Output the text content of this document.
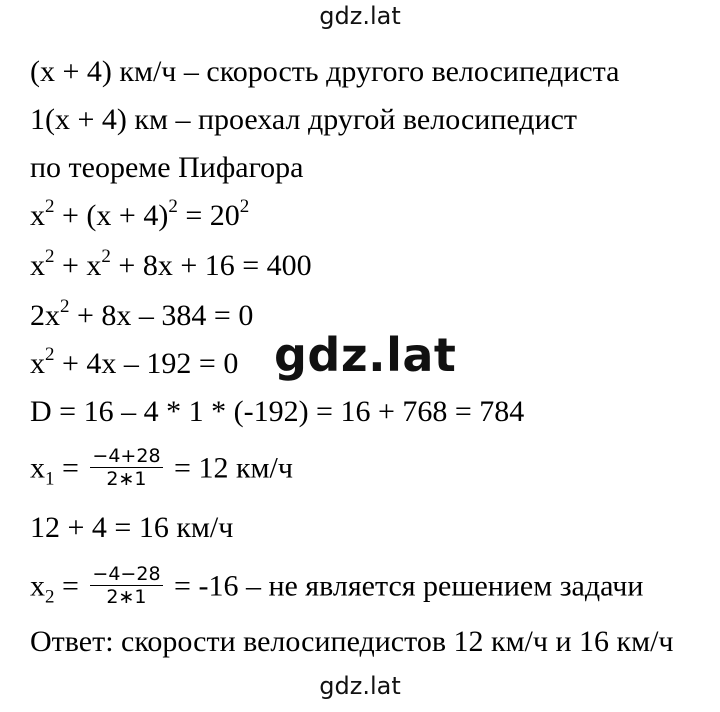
gdz.lat
(x + 4) км/ч – скорость другого велосипедиста
1(x + 4) км – проехал другой велосипедист
по теореме Пифагора
$x^2 + (x + 4)^2 = 20^2$
$x^2 + x^2 + 8x + 16 = 400$
$2x^2 + 8x - 384 = 0$
$x^2 + 4x - 192 = 0$ gdz.lat
D = 16 – 4 * 1 * (-192) = 16 + 768 = 784
$x_1 = \frac{-4+28}{2∗1} = 12$ км/ч
12 + 4 = 16 км/ч
$x_2 = \frac{-4-28}{2∗1} = -16$ – не является решением задачи
Ответ: скорости велосипедистов 12 км/ч и 16 км/ч
gdz.lat
